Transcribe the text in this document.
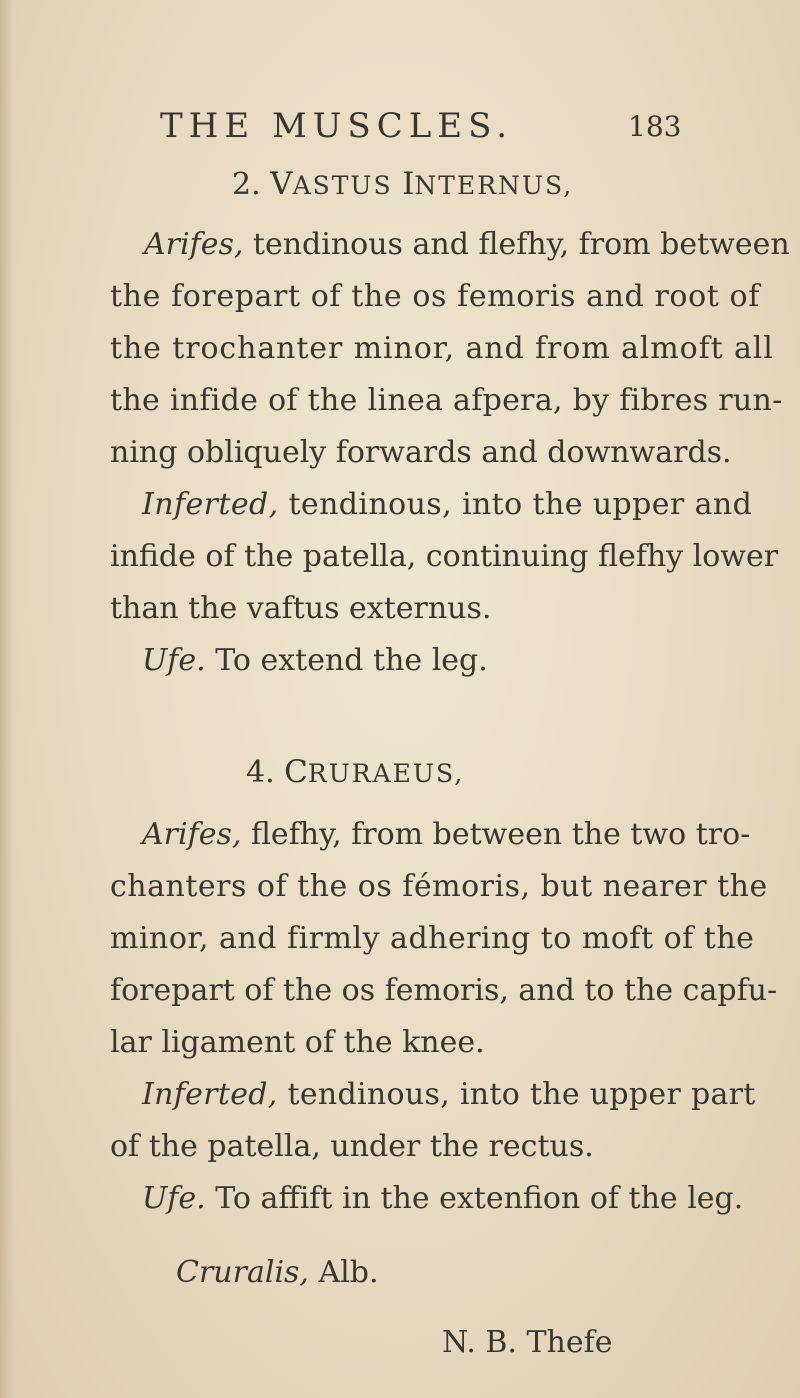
THE MUSCLES.	183
2. VASTUS INTERNUS,
Arifes, tendinous and flefhy, from between
the forepart of the os femoris and root of
the trochanter minor, and from almoft all
the infide of the linea afpera, by fibres run-
ning obliquely forwards and downwards.
Inferted, tendinous, into the upper and
infide of the patella, continuing flefhy lower
than the vaftus externus.
Ufe. To extend the leg.
4. CRURAEUS,
Arifes, flefhy, from between the two tro-
chanters of the os fémoris, but nearer the
minor, and firmly adhering to moft of the
forepart of the os femoris, and to the capfu-
lar ligament of the knee.
Inferted, tendinous, into the upper part
of the patella, under the rectus.
Ufe. To affift in the extenfion of the leg.
Cruralis, Alb.
N. B. Thefe
